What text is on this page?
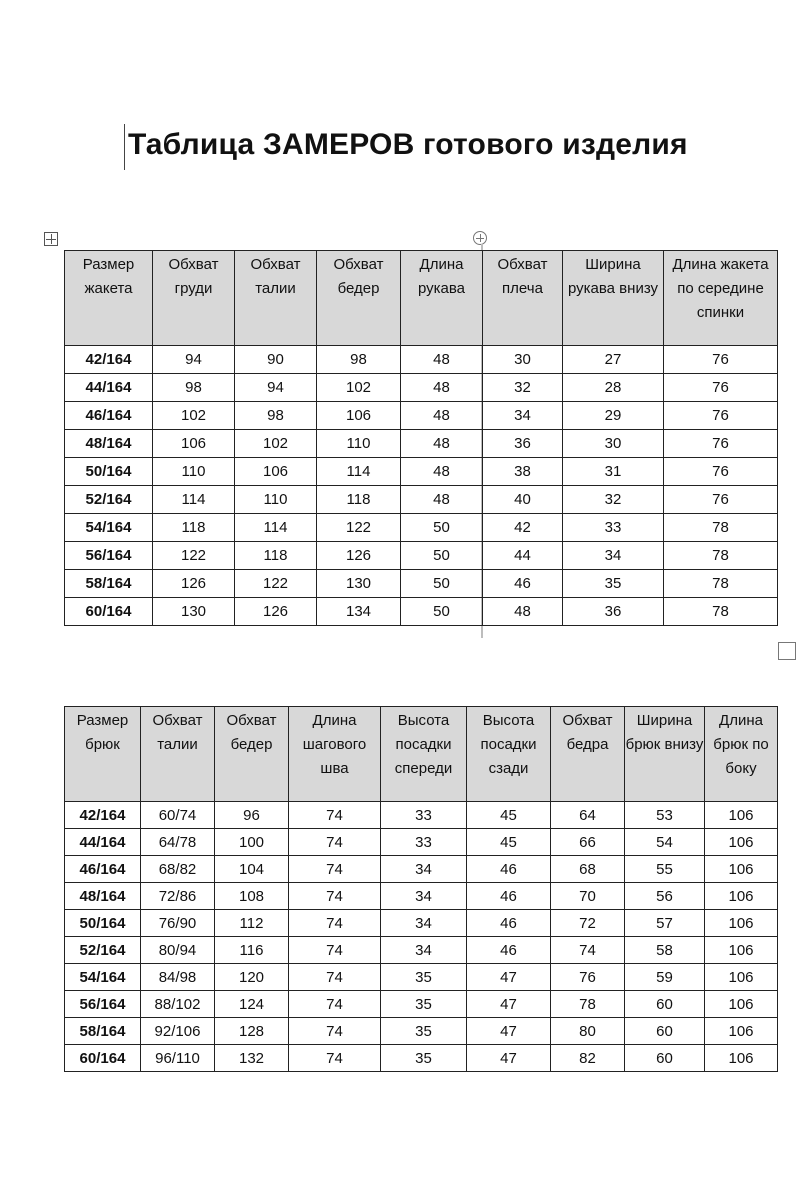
Таблица ЗАМЕРОВ готового изделия
Размер жакета	Обхват груди	Обхват талии	Обхват бедер	Длина рукава	Обхват плеча	Ширина рукава внизу	Длина жакета по середине спинки
42/164	94	90	98	48	30	27	76
44/164	98	94	102	48	32	28	76
46/164	102	98	106	48	34	29	76
48/164	106	102	110	48	36	30	76
50/164	110	106	114	48	38	31	76
52/164	114	110	118	48	40	32	76
54/164	118	114	122	50	42	33	78
56/164	122	118	126	50	44	34	78
58/164	126	122	130	50	46	35	78
60/164	130	126	134	50	48	36	78
Размер брюк	Обхват талии	Обхват бедер	Длина шагового шва	Высота посадки спереди	Высота посадки сзади	Обхват бедра	Ширина брюк внизу	Длина брюк по боку
42/164	60/74	96	74	33	45	64	53	106
44/164	64/78	100	74	33	45	66	54	106
46/164	68/82	104	74	34	46	68	55	106
48/164	72/86	108	74	34	46	70	56	106
50/164	76/90	112	74	34	46	72	57	106
52/164	80/94	116	74	34	46	74	58	106
54/164	84/98	120	74	35	47	76	59	106
56/164	88/102	124	74	35	47	78	60	106
58/164	92/106	128	74	35	47	80	60	106
60/164	96/110	132	74	35	47	82	60	106
